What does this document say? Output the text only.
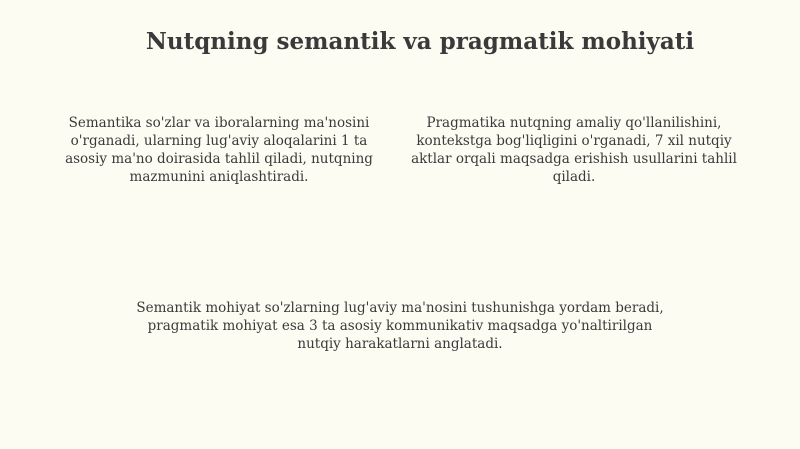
Nutqning semantik va pragmatik mohiyati

Semantika so'zlar va iboralarning ma'nosini o'rganadi, ularning lug'aviy aloqalarini 1 ta asosiy ma'no doirasida tahlil qiladi, nutqning mazmunini aniqlashtiradi.

Pragmatika nutqning amaliy qo'llanilishini, kontekstga bog'liqligini o'rganadi, 7 xil nutqiy aktlar orqali maqsadga erishish usullarini tahlil qiladi.

Semantik mohiyat so'zlarning lug'aviy ma'nosini tushunishga yordam beradi, pragmatik mohiyat esa 3 ta asosiy kommunikativ maqsadga yo'naltirilgan nutqiy harakatlarni anglatadi.
